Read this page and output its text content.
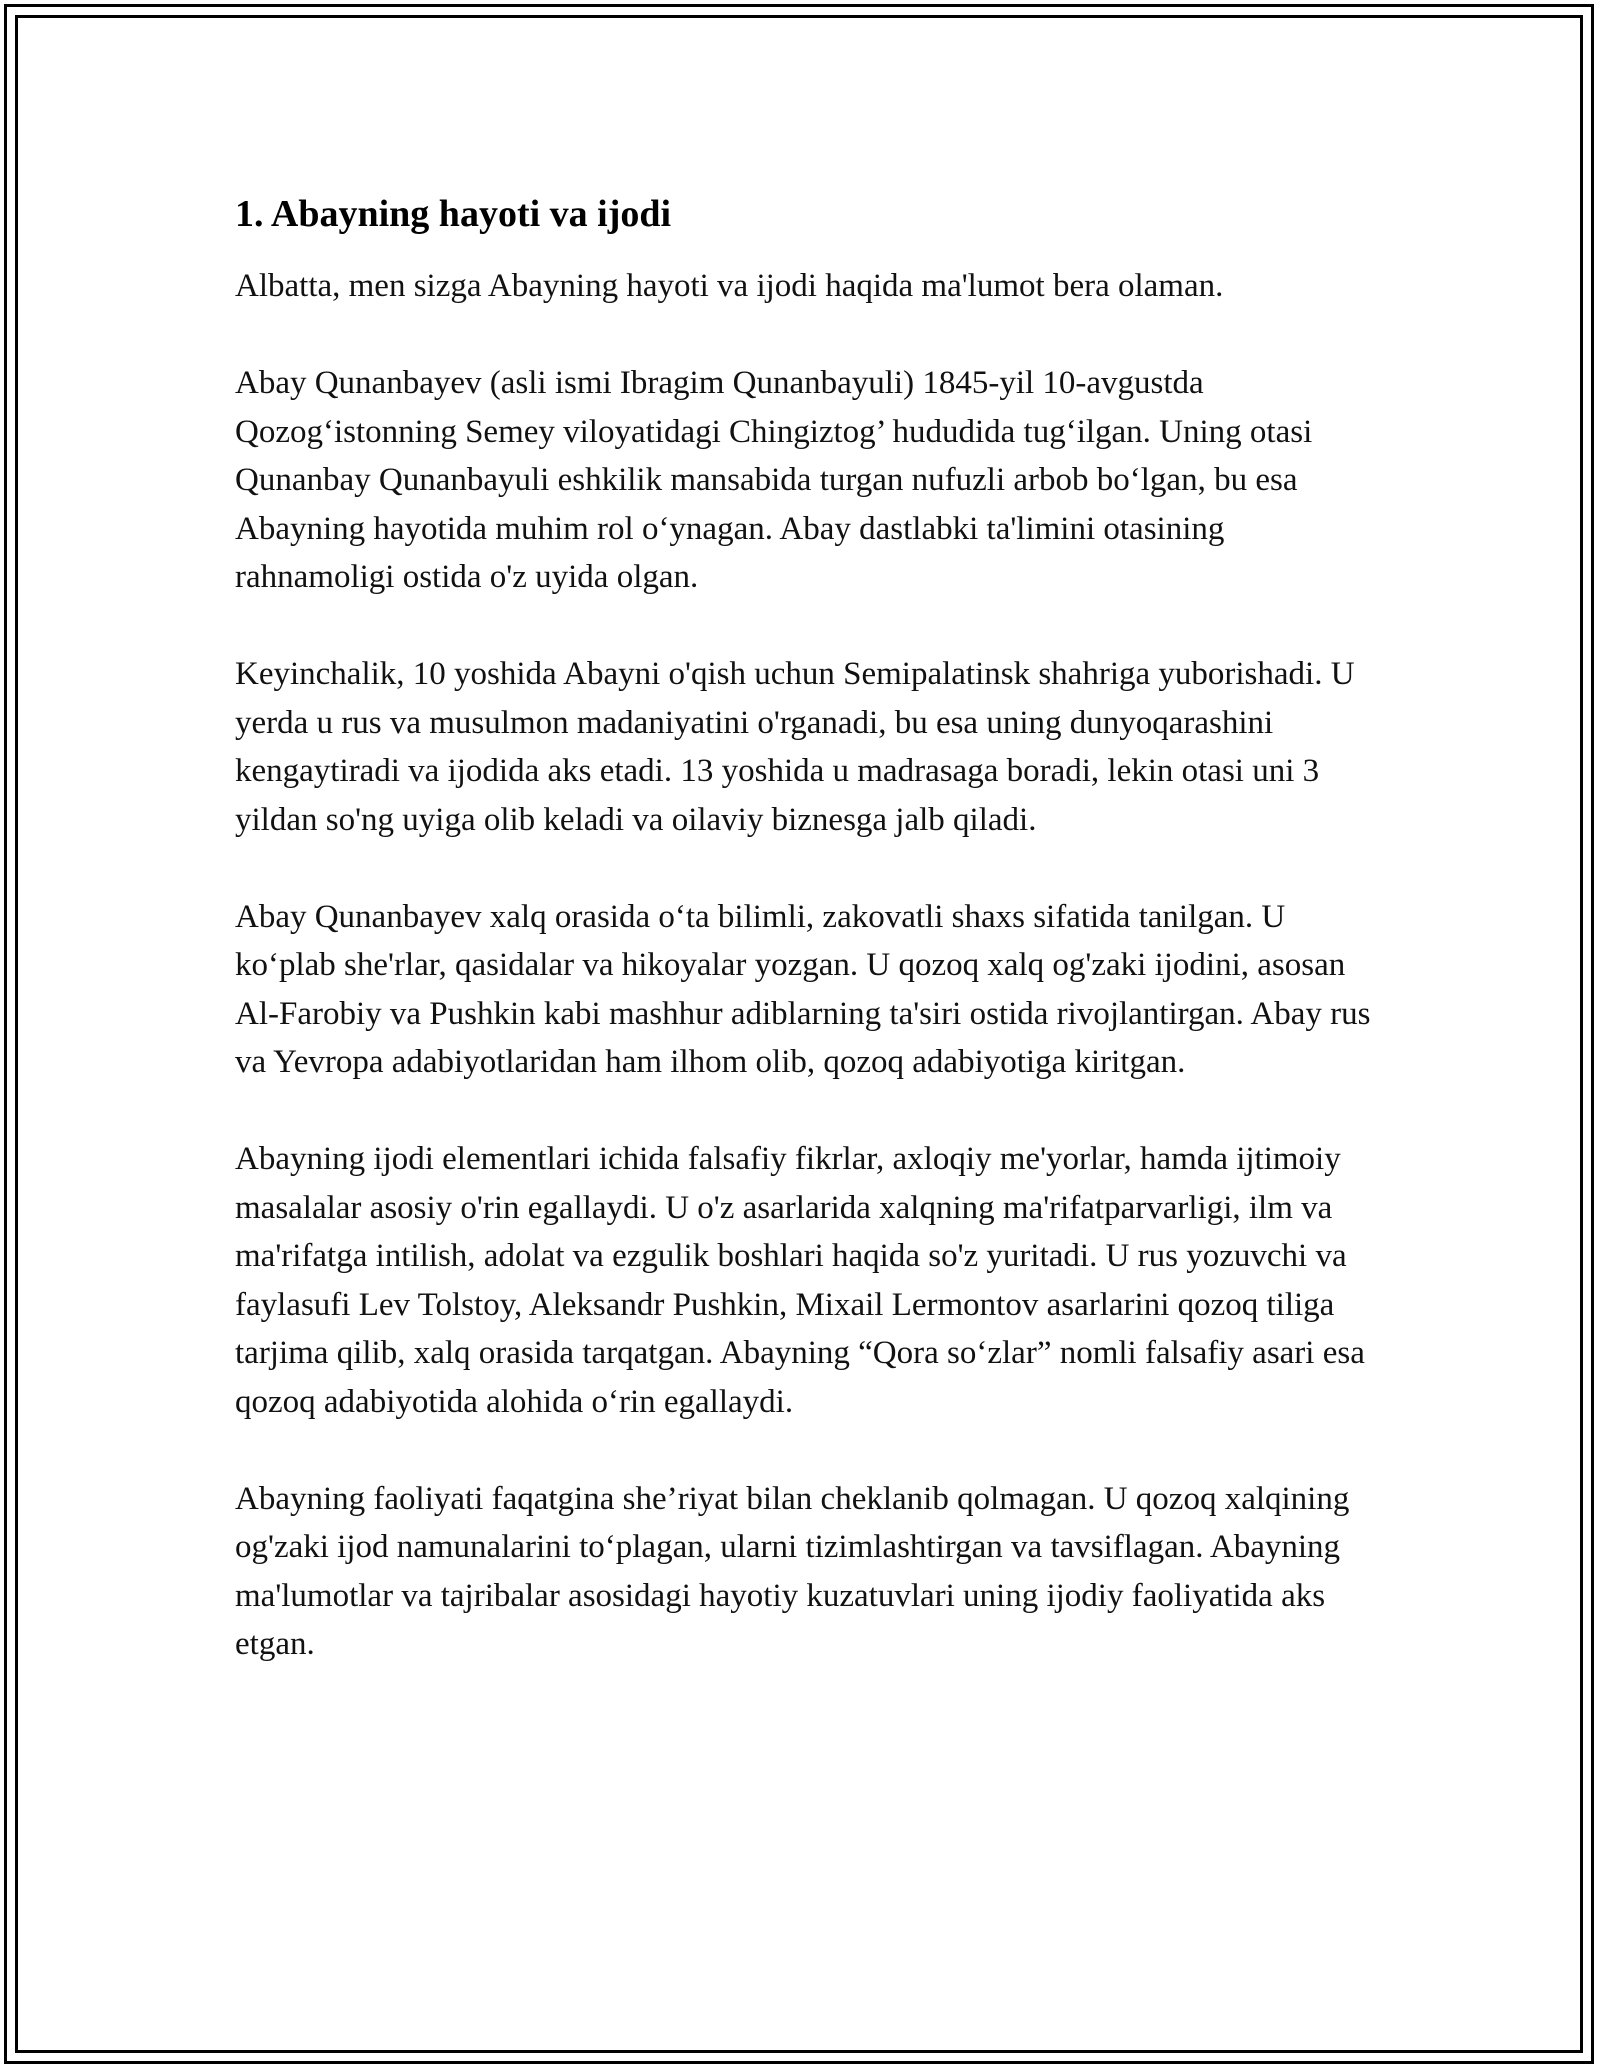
1. Abayning hayoti va ijodi

Albatta, men sizga Abayning hayoti va ijodi haqida ma'lumot bera olaman.

Abay Qunanbayev (asli ismi Ibragim Qunanbayuli) 1845-yil 10-avgustda Qozog‘istonning Semey viloyatidagi Chingiztog’ hududida tug‘ilgan. Uning otasi Qunanbay Qunanbayuli eshkilik mansabida turgan nufuzli arbob bo‘lgan, bu esa Abayning hayotida muhim rol o‘ynagan. Abay dastlabki ta'limini otasining rahnamoligi ostida o'z uyida olgan.

Keyinchalik, 10 yoshida Abayni o'qish uchun Semipalatinsk shahriga yuborishadi. U yerda u rus va musulmon madaniyatini o'rganadi, bu esa uning dunyoqarashini kengaytiradi va ijodida aks etadi. 13 yoshida u madrasaga boradi, lekin otasi uni 3 yildan so'ng uyiga olib keladi va oilaviy biznesga jalb qiladi.

Abay Qunanbayev xalq orasida o‘ta bilimli, zakovatli shaxs sifatida tanilgan. U ko‘plab she'rlar, qasidalar va hikoyalar yozgan. U qozoq xalq og'zaki ijodini, asosan Al-Farobiy va Pushkin kabi mashhur adiblarning ta'siri ostida rivojlantirgan. Abay rus va Yevropa adabiyotlaridan ham ilhom olib, qozoq adabiyotiga kiritgan.

Abayning ijodi elementlari ichida falsafiy fikrlar, axloqiy me'yorlar, hamda ijtimoiy masalalar asosiy o'rin egallaydi. U o'z asarlarida xalqning ma'rifatparvarligi, ilm va ma'rifatga intilish, adolat va ezgulik boshlari haqida so'z yuritadi. U rus yozuvchi va faylasufi Lev Tolstoy, Aleksandr Pushkin, Mixail Lermontov asarlarini qozoq tiliga tarjima qilib, xalq orasida tarqatgan. Abayning “Qora so‘zlar” nomli falsafiy asari esa qozoq adabiyotida alohida o‘rin egallaydi.

Abayning faoliyati faqatgina she’riyat bilan cheklanib qolmagan. U qozoq xalqining og'zaki ijod namunalarini to‘plagan, ularni tizimlashtirgan va tavsiflagan. Abayning ma'lumotlar va tajribalar asosidagi hayotiy kuzatuvlari uning ijodiy faoliyatida aks etgan.
